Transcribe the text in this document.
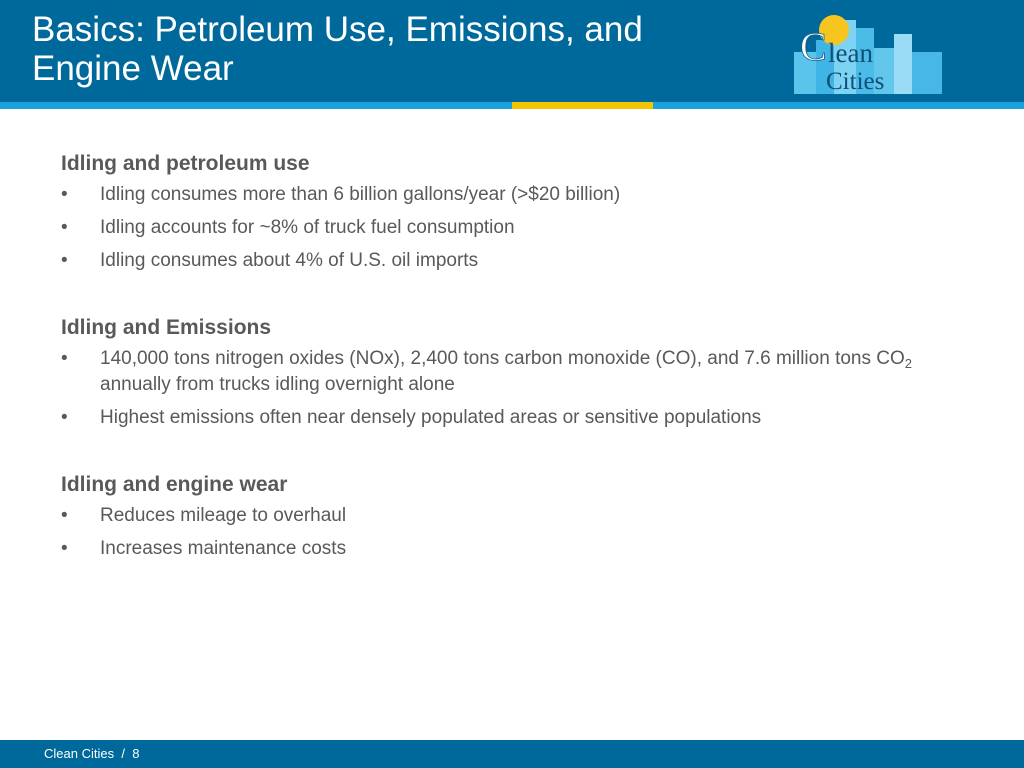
Basics: Petroleum Use, Emissions, and Engine Wear	C lean
Cities
Idling and petroleum use
•	Idling consumes more than 6 billion gallons/year (>$20 billion)
•	Idling accounts for ~8% of truck fuel consumption
•	Idling consumes about 4% of U.S. oil imports
Idling and Emissions
•	140,000 tons nitrogen oxides (NOx), 2,400 tons carbon monoxide (CO), and 7.6 million tons $CO_2$ annually from trucks idling overnight alone
•	Highest emissions often near densely populated areas or sensitive populations
Idling and engine wear
•	Reduces mileage to overhaul
•	Increases maintenance costs
Clean Cities / 8
